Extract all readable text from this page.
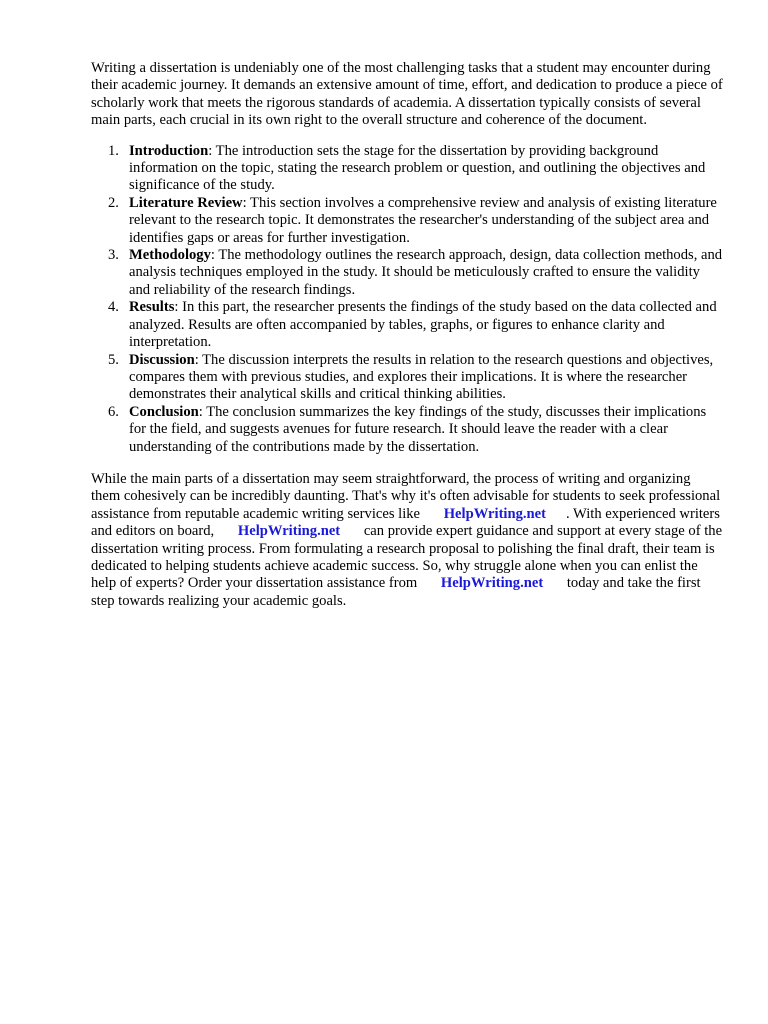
Writing a dissertation is undeniably one of the most challenging tasks that a student may encounter during their academic journey. It demands an extensive amount of time, effort, and dedication to produce a piece of scholarly work that meets the rigorous standards of academia. A dissertation typically consists of several main parts, each crucial in its own right to the overall structure and coherence of the document.

1. Introduction: The introduction sets the stage for the dissertation by providing background information on the topic, stating the research problem or question, and outlining the objectives and significance of the study.
2. Literature Review: This section involves a comprehensive review and analysis of existing literature relevant to the research topic. It demonstrates the researcher's understanding of the subject area and identifies gaps or areas for further investigation.
3. Methodology: The methodology outlines the research approach, design, data collection methods, and analysis techniques employed in the study. It should be meticulously crafted to ensure the validity and reliability of the research findings.
4. Results: In this part, the researcher presents the findings of the study based on the data collected and analyzed. Results are often accompanied by tables, graphs, or figures to enhance clarity and interpretation.
5. Discussion: The discussion interprets the results in relation to the research questions and objectives, compares them with previous studies, and explores their implications. It is where the researcher demonstrates their analytical skills and critical thinking abilities.
6. Conclusion: The conclusion summarizes the key findings of the study, discusses their implications for the field, and suggests avenues for future research. It should leave the reader with a clear understanding of the contributions made by the dissertation.

While the main parts of a dissertation may seem straightforward, the process of writing and organizing them cohesively can be incredibly daunting. That's why it's often advisable for students to seek professional assistance from reputable academic writing services like HelpWriting.net . With experienced writers and editors on board, HelpWriting.net can provide expert guidance and support at every stage of the dissertation writing process. From formulating a research proposal to polishing the final draft, their team is dedicated to helping students achieve academic success. So, why struggle alone when you can enlist the help of experts? Order your dissertation assistance from HelpWriting.net today and take the first step towards realizing your academic goals.
